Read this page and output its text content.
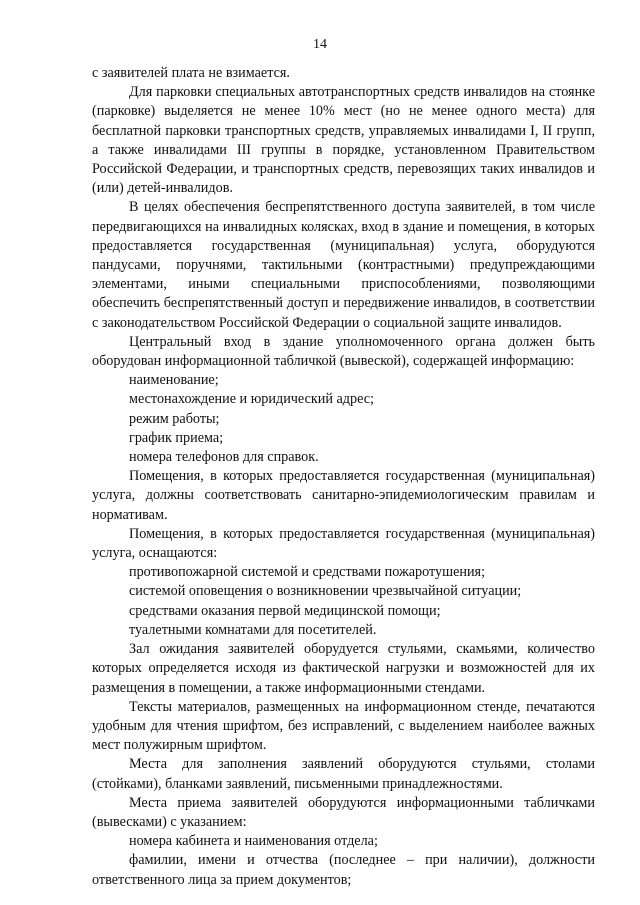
14

с заявителей плата не взимается.

Для парковки специальных автотранспортных средств инвалидов на стоянке (парковке) выделяется не менее 10% мест (но не менее одного места) для бесплатной парковки транспортных средств, управляемых инвалидами I, II групп, а также инвалидами III группы в порядке, установленном Правительством Российской Федерации, и транспортных средств, перевозящих таких инвалидов и (или) детей-инвалидов.

В целях обеспечения беспрепятственного доступа заявителей, в том числе передвигающихся на инвалидных колясках, вход в здание и помещения, в которых предоставляется государственная (муниципальная) услуга, оборудуются пандусами, поручнями, тактильными (контрастными) предупреждающими элементами, иными специальными приспособлениями, позволяющими обеспечить беспрепятственный доступ и передвижение инвалидов, в соответствии с законодательством Российской Федерации о социальной защите инвалидов.

Центральный вход в здание уполномоченного органа должен быть оборудован информационной табличкой (вывеской), содержащей информацию:

наименование;

местонахождение и юридический адрес;

режим работы;

график приема;

номера телефонов для справок.

Помещения, в которых предоставляется государственная (муниципальная) услуга, должны соответствовать санитарно-эпидемиологическим правилам и нормативам.

Помещения, в которых предоставляется государственная (муниципальная) услуга, оснащаются:

противопожарной системой и средствами пожаротушения;

системой оповещения о возникновении чрезвычайной ситуации;

средствами оказания первой медицинской помощи;

туалетными комнатами для посетителей.

Зал ожидания заявителей оборудуется стульями, скамьями, количество которых определяется исходя из фактической нагрузки и возможностей для их размещения в помещении, а также информационными стендами.

Тексты материалов, размещенных на информационном стенде, печатаются удобным для чтения шрифтом, без исправлений, с выделением наиболее важных мест полужирным шрифтом.

Места для заполнения заявлений оборудуются стульями, столами (стойками), бланками заявлений, письменными принадлежностями.

Места приема заявителей оборудуются информационными табличками (вывесками) с указанием:

номера кабинета и наименования отдела;

фамилии, имени и отчества (последнее – при наличии), должности ответственного лица за прием документов;
